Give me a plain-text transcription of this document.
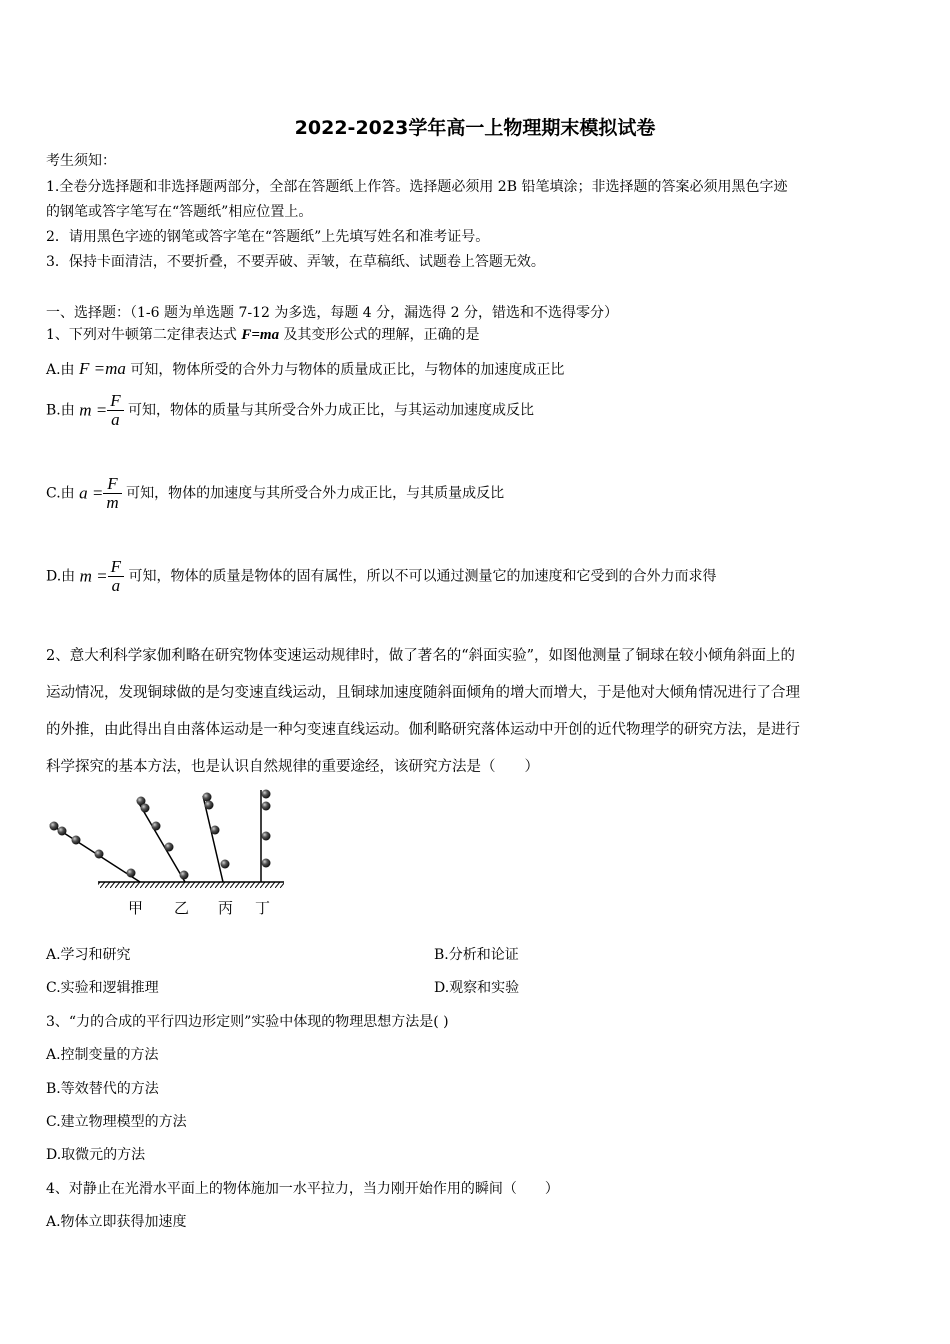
2022-2023学年高一上物理期末模拟试卷
考生须知：
1.全卷分选择题和非选择题两部分，全部在答题纸上作答。选择题必须用 2B 铅笔填涂；非选择题的答案必须用黑色字迹
的钢笔或答字笔写在“答题纸”相应位置上。
2．请用黑色字迹的钢笔或答字笔在“答题纸”上先填写姓名和准考证号。
3．保持卡面清洁，不要折叠，不要弄破、弄皱，在草稿纸、试题卷上答题无效。
一、选择题：（1-6 题为单选题 7-12 为多选，每题 4 分，漏选得 2 分，错选和不选得零分）
1、下列对牛顿第二定律表达式 F=ma 及其变形公式的理解，正确的是
A.由 F =ma 可知，物体所受的合外力与物体的质量成正比，与物体的加速度成正比
B.由 $m = \frac{F}{a}$ 可知，物体的质量与其所受合外力成正比，与其运动加速度成反比
C.由 $a = \frac{F}{m}$ 可知，物体的加速度与其所受合外力成正比，与其质量成反比
D.由 $m = \frac{F}{a}$ 可知，物体的质量是物体的固有属性，所以不可以通过测量它的加速度和它受到的合外力而求得
2、意大利科学家伽利略在研究物体变速运动规律时，做了著名的“斜面实验”，如图他测量了铜球在较小倾角斜面上的
运动情况，发现铜球做的是匀变速直线运动，且铜球加速度随斜面倾角的增大而增大，于是他对大倾角情况进行了合理
的外推，由此得出自由落体运动是一种匀变速直线运动。伽利略研究落体运动中开创的近代物理学的研究方法，是进行
科学探究的基本方法，也是认识自然规律的重要途经，该研究方法是（　　）
甲 乙 丙 丁
A.学习和研究	B.分析和论证
C.实验和逻辑推理	D.观察和实验
3、“力的合成的平行四边形定则”实验中体现的物理思想方法是( )
A.控制变量的方法
B.等效替代的方法
C.建立物理模型的方法
D.取微元的方法
4、对静止在光滑水平面上的物体施加一水平拉力，当力刚开始作用的瞬间（　　）
A.物体立即获得加速度
